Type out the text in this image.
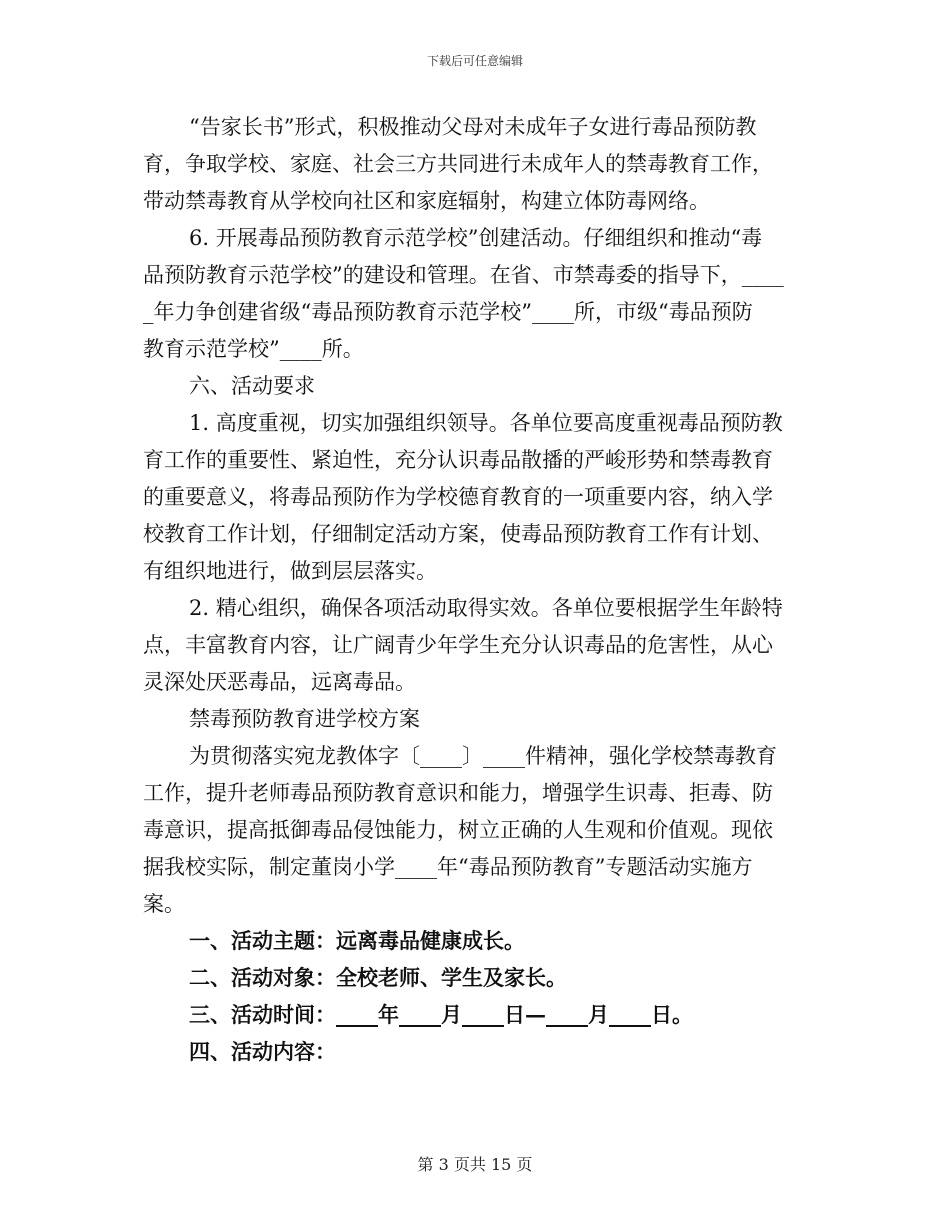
下载后可任意编辑
“告家长书”形式，积极推动父母对未成年子女进行毒品预防教
育，争取学校、家庭、社会三方共同进行未成年人的禁毒教育工作，
带动禁毒教育从学校向社区和家庭辐射，构建立体防毒网络。
6. 开展毒品预防教育示范学校”创建活动。仔细组织和推动“毒
品预防教育示范学校”的建设和管理。在省、市禁毒委的指导下，____
_年力争创建省级“毒品预防教育示范学校”____所，市级“毒品预防
教育示范学校”____所。
六、活动要求
1. 高度重视，切实加强组织领导。各单位要高度重视毒品预防教
育工作的重要性、紧迫性，充分认识毒品散播的严峻形势和禁毒教育
的重要意义，将毒品预防作为学校德育教育的一项重要内容，纳入学
校教育工作计划，仔细制定活动方案，使毒品预防教育工作有计划、
有组织地进行，做到层层落实。
2. 精心组织，确保各项活动取得实效。各单位要根据学生年龄特
点，丰富教育内容，让广阔青少年学生充分认识毒品的危害性，从心
灵深处厌恶毒品，远离毒品。
禁毒预防教育进学校方案
为贯彻落实宛龙教体字〔____〕____件精神，强化学校禁毒教育
工作，提升老师毒品预防教育意识和能力，增强学生识毒、拒毒、防
毒意识，提高抵御毒品侵蚀能力，树立正确的人生观和价值观。现依
据我校实际，制定董岗小学____年“毒品预防教育”专题活动实施方
案。
一、活动主题：远离毒品健康成长。
二、活动对象：全校老师、学生及家长。
三、活动时间：____年____月____日—____月____日。
四、活动内容：
第 3 页共 15 页
